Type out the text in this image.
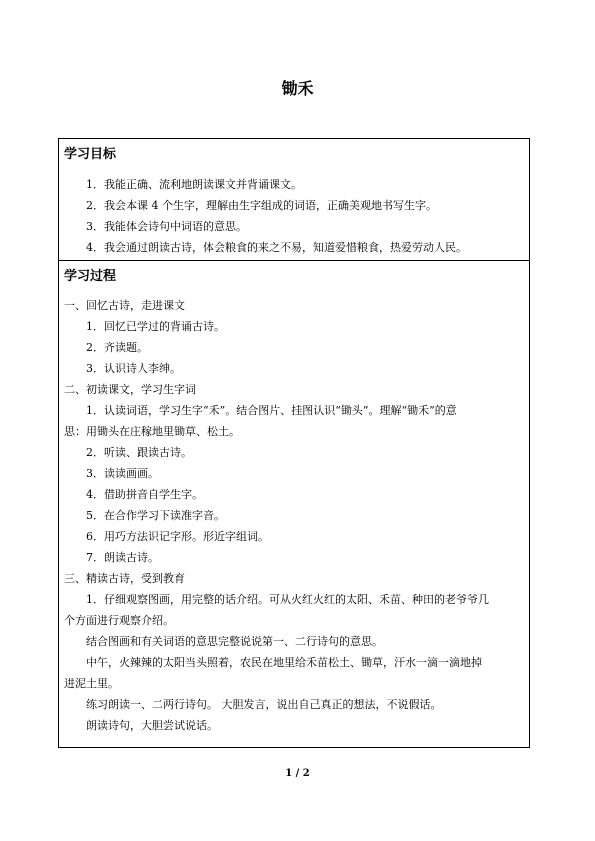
锄禾
学习目标
1．我能正确、流利地朗读课文并背诵课文。
2．我会本课 4 个生字，理解由生字组成的词语，正确美观地书写生字。
3．我能体会诗句中词语的意思。
4．我会通过朗读古诗，体会粮食的来之不易，知道爱惜粮食，热爱劳动人民。
学习过程
一、回忆古诗，走进课文
1．回忆已学过的背诵古诗。
2．齐读题。
3．认识诗人李绅。
二、初读课文，学习生字词
1．认读词语，学习生字“禾”。结合图片、挂图认识“锄头”。理解“锄禾”的意
思：用锄头在庄稼地里锄草、松土。
2．听读、跟读古诗。
3．读读画画。
4．借助拼音自学生字。
5．在合作学习下读准字音。
6．用巧方法识记字形。形近字组词。
7．朗读古诗。
三、精读古诗，受到教育
1．仔细观察图画，用完整的话介绍。可从火红火红的太阳、禾苗、种田的老爷爷几
个方面进行观察介绍。
结合图画和有关词语的意思完整说说第一、二行诗句的意思。
中午，火辣辣的太阳当头照着，农民在地里给禾苗松土、锄草，汗水一滴一滴地掉
进泥土里。
练习朗读一、二两行诗句。 大胆发言，说出自己真正的想法，不说假话。
朗读诗句，大胆尝试说话。
1 / 2
